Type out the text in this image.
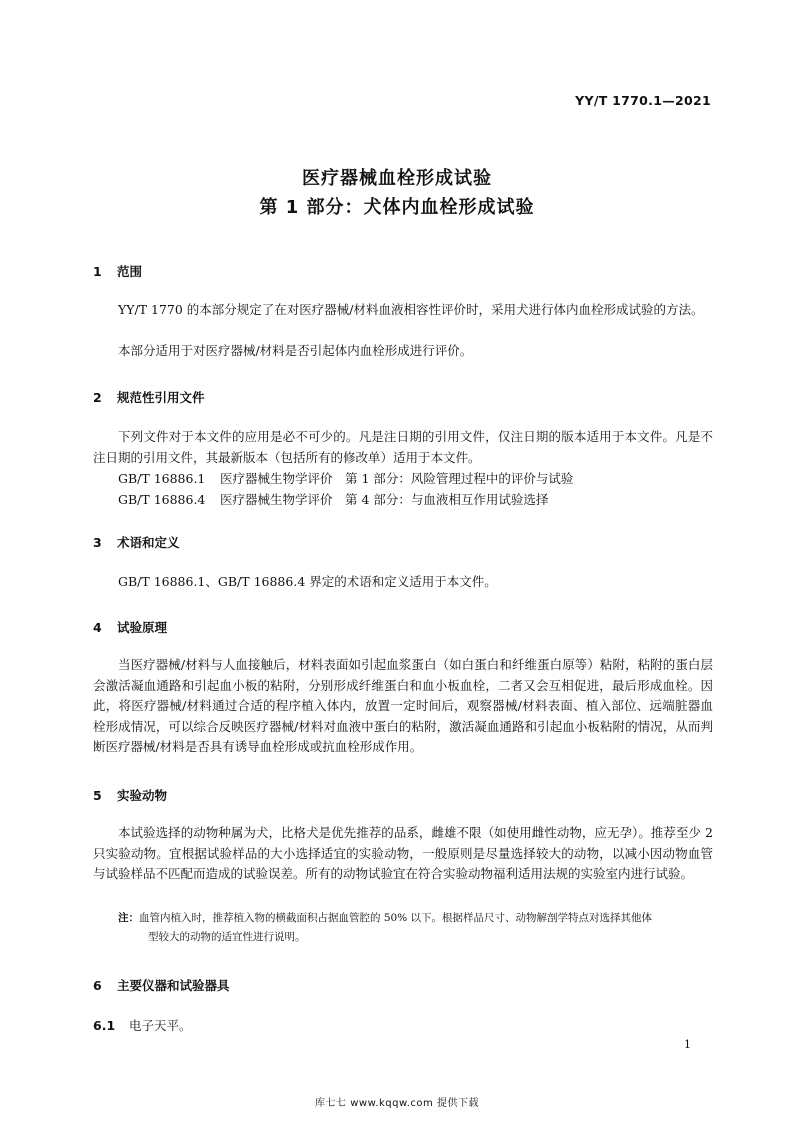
YY/T 1770.1—2021
医疗器械血栓形成试验
第 1 部分：犬体内血栓形成试验
1 范围
YY/T 1770 的本部分规定了在对医疗器械/材料血液相容性评价时，采用犬进行体内血栓形成试验的方法。
本部分适用于对医疗器械/材料是否引起体内血栓形成进行评价。
2 规范性引用文件
下列文件对于本文件的应用是必不可少的。凡是注日期的引用文件，仅注日期的版本适用于本文件。凡是不注日期的引用文件，其最新版本（包括所有的修改单）适用于本文件。
GB/T 16886.1 医疗器械生物学评价　第 1 部分：风险管理过程中的评价与试验
GB/T 16886.4 医疗器械生物学评价　第 4 部分：与血液相互作用试验选择
3 术语和定义
GB/T 16886.1、GB/T 16886.4 界定的术语和定义适用于本文件。
4 试验原理
当医疗器械/材料与人血接触后，材料表面如引起血浆蛋白（如白蛋白和纤维蛋白原等）粘附，粘附的蛋白层会激活凝血通路和引起血小板的粘附，分别形成纤维蛋白和血小板血栓，二者又会互相促进，最后形成血栓。因此，将医疗器械/材料通过合适的程序植入体内，放置一定时间后，观察器械/材料表面、植入部位、远端脏器血栓形成情况，可以综合反映医疗器械/材料对血液中蛋白的粘附，激活凝血通路和引起血小板粘附的情况，从而判断医疗器械/材料是否具有诱导血栓形成或抗血栓形成作用。
5 实验动物
本试验选择的动物种属为犬，比格犬是优先推荐的品系，雌雄不限（如使用雌性动物，应无孕）。推荐至少 2 只实验动物。宜根据试验样品的大小选择适宜的实验动物，一般原则是尽量选择较大的动物，以减小因动物血管与试验样品不匹配而造成的试验误差。所有的动物试验宜在符合实验动物福利适用法规的实验室内进行试验。
注：血管内植入时，推荐植入物的横截面积占据血管腔的 50% 以下。根据样品尺寸、动物解剖学特点对选择其他体
型较大的动物的适宜性进行说明。
6 主要仪器和试验器具
6.1 电子天平。
1
库七七 www.kqqw.com 提供下载
